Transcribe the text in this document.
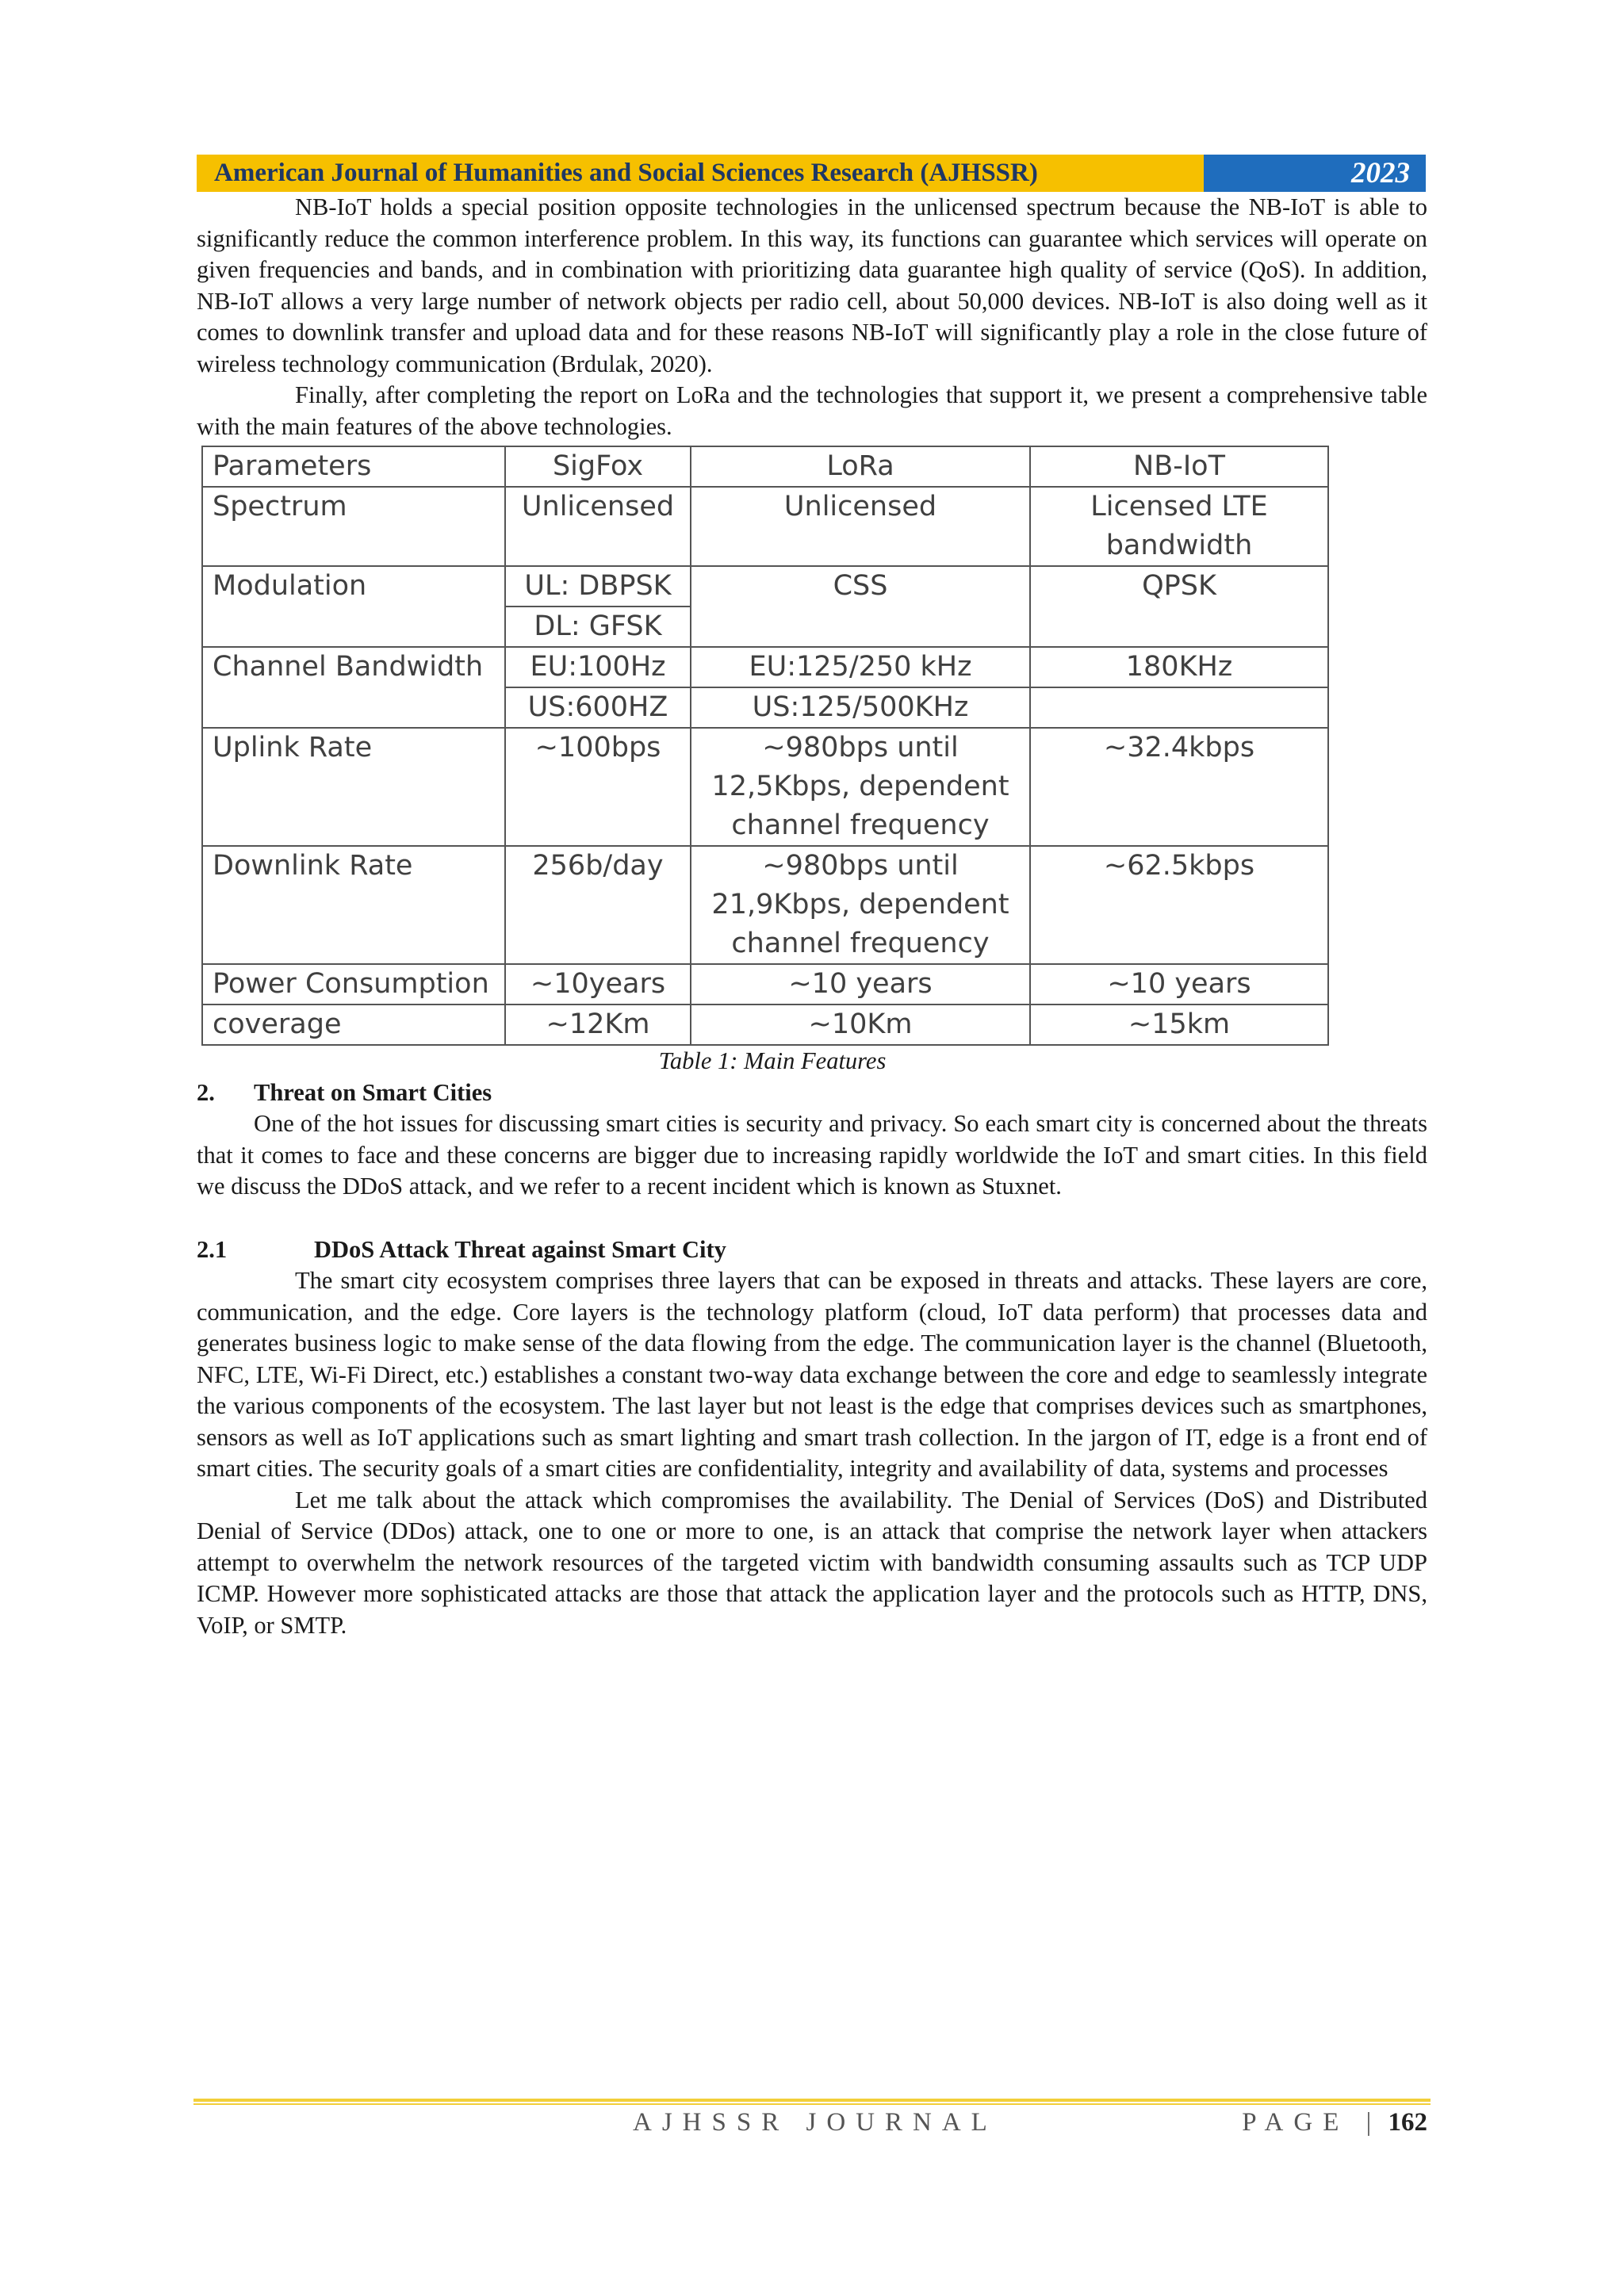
American Journal of Humanities and Social Sciences Research (AJHSSR)	2023

NB-IoT holds a special position opposite technologies in the unlicensed spectrum because the NB-IoT is able to significantly reduce the common interference problem. In this way, its functions can guarantee which services will operate on given frequencies and bands, and in combination with prioritizing data guarantee high quality of service (QoS). In addition, NB-IoT allows a very large number of network objects per radio cell, about 50,000 devices. NB-IoT is also doing well as it comes to downlink transfer and upload data and for these reasons NB-IoT will significantly play a role in the close future of wireless technology communication (Brdulak, 2020).

Finally, after completing the report on LoRa and the technologies that support it, we present a comprehensive table with the main features of the above technologies.

Parameters	SigFox	LoRa	NB-IoT
Spectrum	Unlicensed	Unlicensed	Licensed LTE bandwidth
Modulation	UL: DBPSK	CSS	QPSK
	DL: GFSK		
Channel Bandwidth	EU:100Hz	EU:125/250 kHz	180KHz
	US:600HZ	US:125/500KHz	
Uplink Rate	~100bps	~980bps until 12,5Kbps, dependent channel frequency	~32.4kbps
Downlink Rate	256b/day	~980bps until 21,9Kbps, dependent channel frequency	~62.5kbps
Power Consumption	~10years	~10 years	~10 years
coverage	~12Km	~10Km	~15km
Table 1: Main Features
2.	Threat on Smart Cities

One of the hot issues for discussing smart cities is security and privacy. So each smart city is concerned about the threats that it comes to face and these concerns are bigger due to increasing rapidly worldwide the IoT and smart cities. In this field we discuss the DDoS attack, and we refer to a recent incident which is known as Stuxnet.

2.1	DDoS Attack Threat against Smart City

The smart city ecosystem comprises three layers that can be exposed in threats and attacks. These layers are core, communication, and the edge. Core layers is the technology platform (cloud, IoT data perform) that processes data and generates business logic to make sense of the data flowing from the edge. The communication layer is the channel (Bluetooth, NFC, LTE, Wi-Fi Direct, etc.) establishes a constant two-way data exchange between the core and edge to seamlessly integrate the various components of the ecosystem. The last layer but not least is the edge that comprises devices such as smartphones, sensors as well as IoT applications such as smart lighting and smart trash collection. In the jargon of IT, edge is a front end of smart cities. The security goals of a smart cities are confidentiality, integrity and availability of data, systems and processes

Let me talk about the attack which compromises the availability. The Denial of Services (DoS) and Distributed Denial of Service (DDos) attack, one to one or more to one, is an attack that comprise the network layer when attackers attempt to overwhelm the network resources of the targeted victim with bandwidth consuming assaults such as TCP UDP ICMP. However more sophisticated attacks are those that attack the application layer and the protocols such as HTTP, DNS, VoIP, or SMTP.

AJHSSR JOURNAL	PAGE | 162
